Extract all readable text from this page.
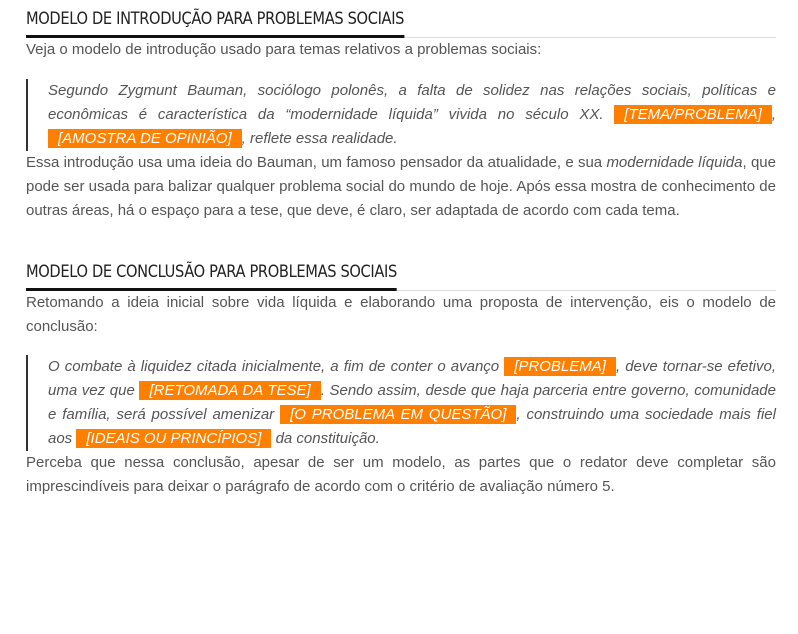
MODELO DE INTRODUÇÃO PARA PROBLEMAS SOCIAIS

Veja o modelo de introdução usado para temas relativos a problemas sociais:

Segundo Zygmunt Bauman, sociólogo polonês, a falta de solidez nas relações sociais, políticas e econômicas é característica da “modernidade líquida” vivida no século XX. [TEMA/PROBLEMA] , [AMOSTRA DE OPINIÃO] , reflete essa realidade.

Essa introdução usa uma ideia do Bauman, um famoso pensador da atualidade, e sua modernidade líquida, que pode ser usada para balizar qualquer problema social do mundo de hoje. Após essa mostra de conhecimento de outras áreas, há o espaço para a tese, que deve, é claro, ser adaptada de acordo com cada tema.

MODELO DE CONCLUSÃO PARA PROBLEMAS SOCIAIS

Retomando a ideia inicial sobre vida líquida e elaborando uma proposta de intervenção, eis o modelo de conclusão:

O combate à liquidez citada inicialmente, a fim de conter o avanço [PROBLEMA] , deve tornar-se efetivo, uma vez que [RETOMADA DA TESE] . Sendo assim, desde que haja parceria entre governo, comunidade e família, será possível amenizar [O PROBLEMA EM QUESTÃO] , construindo uma sociedade mais fiel aos [IDEAIS OU PRINCÍPIOS] da constituição.

Perceba que nessa conclusão, apesar de ser um modelo, as partes que o redator deve completar são imprescindíveis para deixar o parágrafo de acordo com o critério de avaliação número 5.
